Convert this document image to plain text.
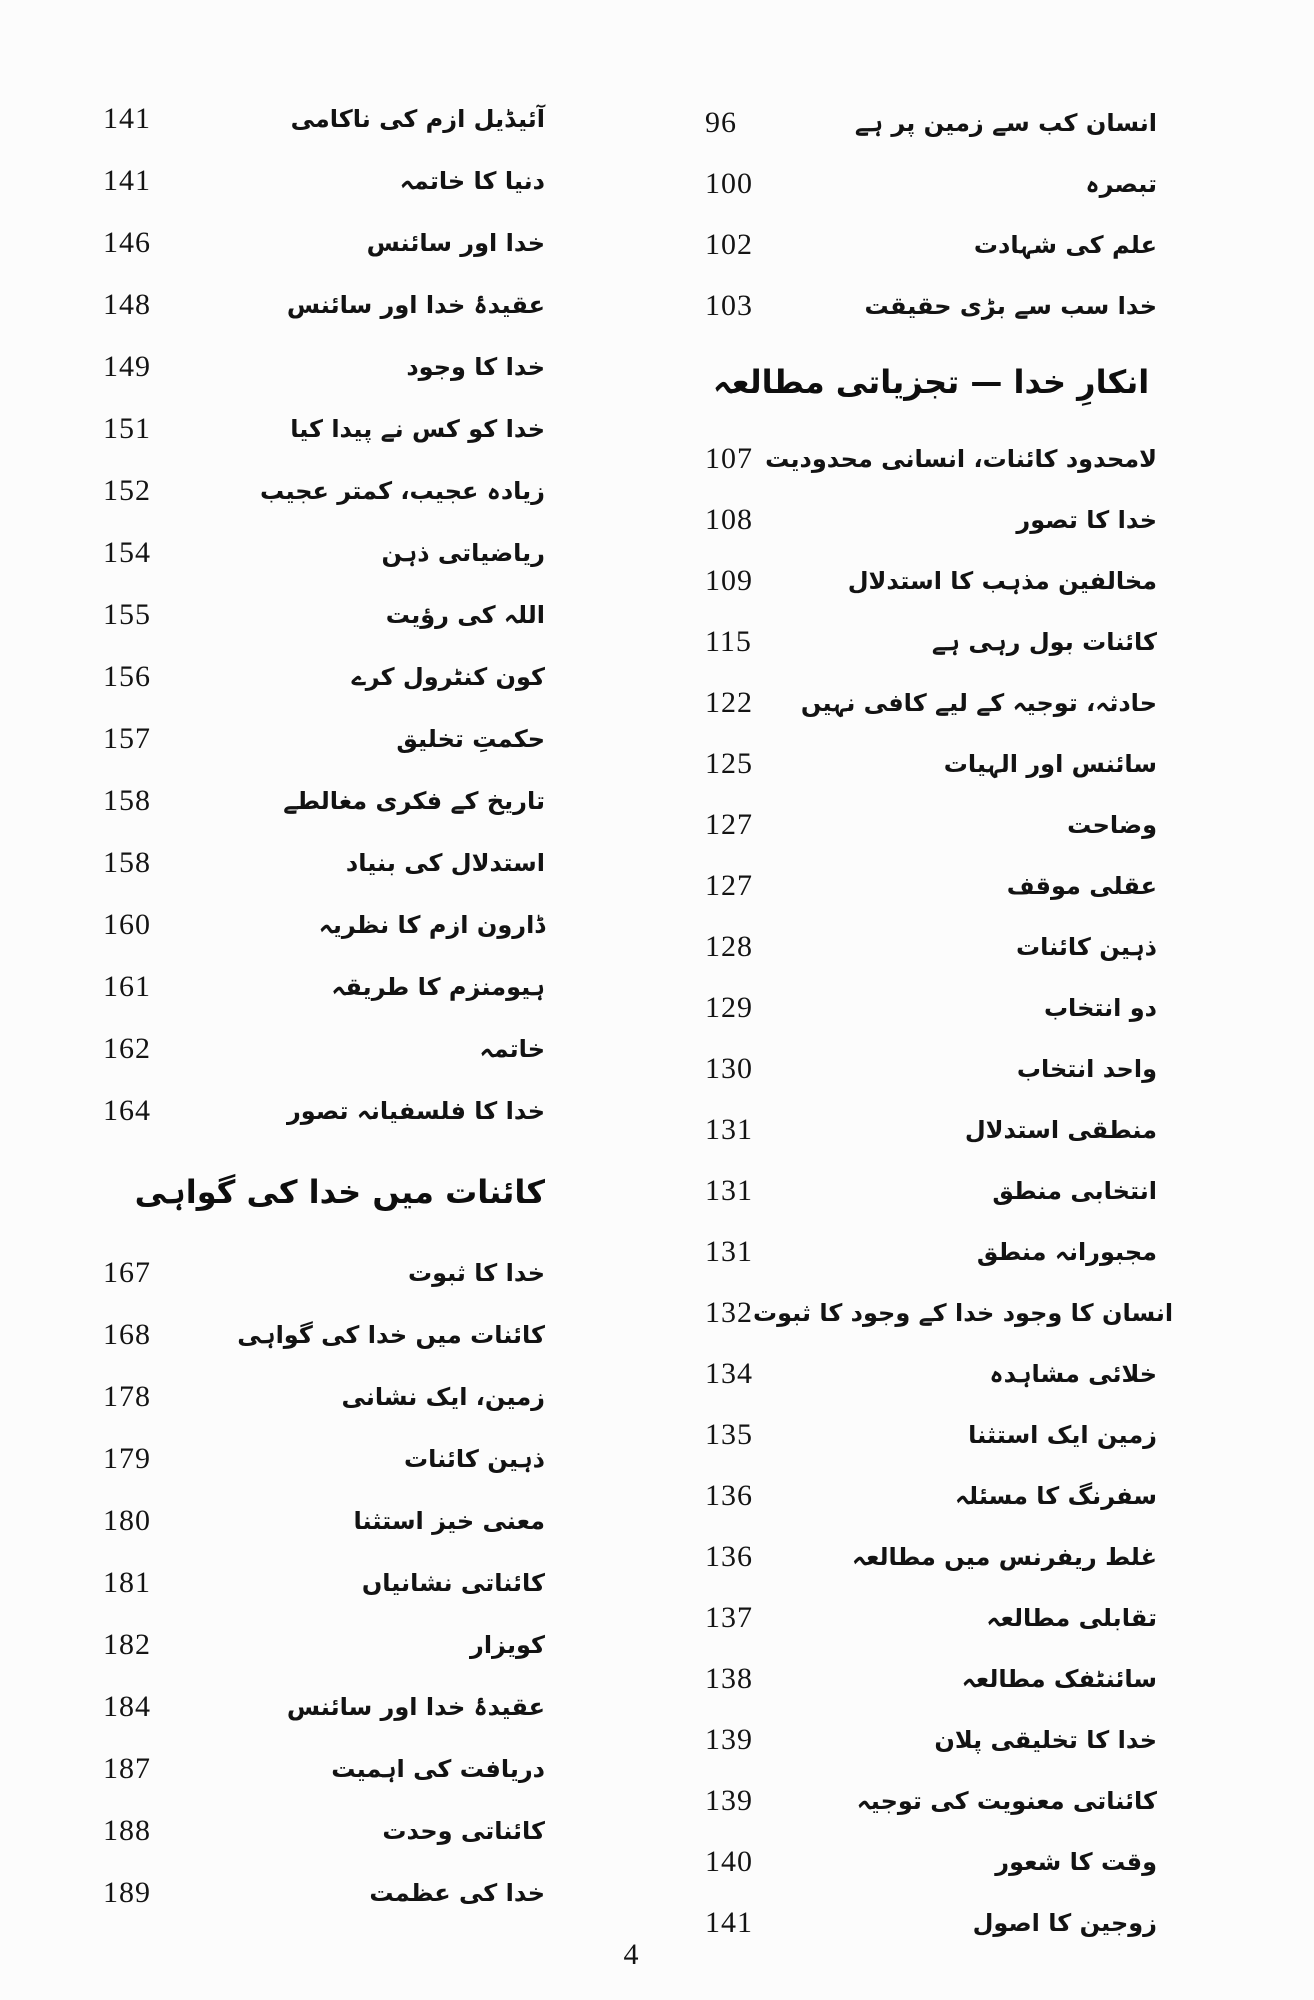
141	آئیڈیل ازم کی ناکامی
141	دنیا کا خاتمہ
146	خدا اور سائنس
148	عقیدۂ خدا اور سائنس
149	خدا کا وجود
151	خدا کو کس نے پیدا کیا
152	زیادہ عجیب، کمتر عجیب
154	ریاضیاتی ذہن
155	اللہ کی رؤیت
156	کون کنٹرول کرے
157	حکمتِ تخلیق
158	تاریخ کے فکری مغالطے
158	استدلال کی بنیاد
160	ڈارون ازم کا نظریہ
161	ہیومنزم کا طریقہ
162	خاتمہ
164	خدا کا فلسفیانہ تصور
کائنات میں خدا کی گواہی
167	خدا کا ثبوت
168	کائنات میں خدا کی گواہی
178	زمین، ایک نشانی
179	ذہین کائنات
180	معنی خیز استثنا
181	کائناتی نشانیاں
182	کویزار
184	عقیدۂ خدا اور سائنس
187	دریافت کی اہمیت
188	کائناتی وحدت
189	خدا کی عظمت
96	انسان کب سے زمین پر ہے
100	تبصرہ
102	علم کی شہادت
103	خدا سب سے بڑی حقیقت
انکارِ خدا — تجزیاتی مطالعہ
107 لامحدود کائنات، انسانی محدودیت
108	خدا کا تصور
109	مخالفین مذہب کا استدلال
115	کائنات بول رہی ہے
122 حادثہ، توجیہ کے لیے کافی نہیں
125	سائنس اور الہیات
127	وضاحت
127	عقلی موقف
128	ذہین کائنات
129	دو انتخاب
130	واحد انتخاب
131	منطقی استدلال
131	انتخابی منطق
131	مجبورانہ منطق
132 انسان کا وجود خدا کے وجود کا ثبوت
134	خلائی مشاہدہ
135	زمین ایک استثنا
136	سفرنگ کا مسئلہ
136	غلط ریفرنس میں مطالعہ
137	تقابلی مطالعہ
138	سائنٹفک مطالعہ
139	خدا کا تخلیقی پلان
139	کائناتی معنویت کی توجیہ
140	وقت کا شعور
141	زوجین کا اصول
4
